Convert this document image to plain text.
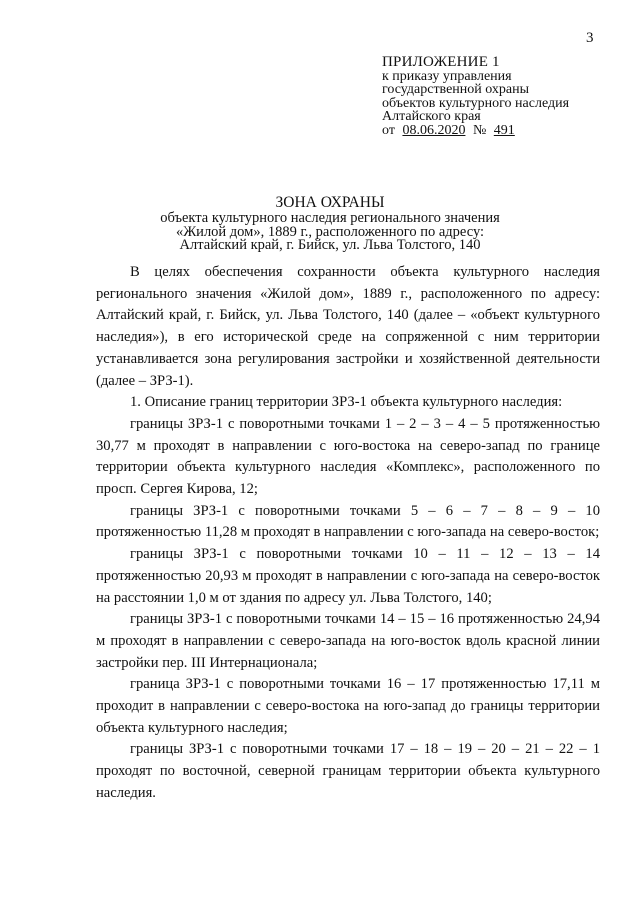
3
ПРИЛОЖЕНИЕ 1
к приказу управления
государственной охраны
объектов культурного наследия
Алтайского края
от 08.06.2020 № 491
ЗОНА ОХРАНЫ
объекта культурного наследия регионального значения
«Жилой дом», 1889 г., расположенного по адресу:
Алтайский край, г. Бийск, ул. Льва Толстого, 140

В целях обеспечения сохранности объекта культурного наследия регионального значения «Жилой дом», 1889 г., расположенного по адресу: Алтайский край, г. Бийск, ул. Льва Толстого, 140 (далее – «объект культурного наследия»), в его исторической среде на сопряженной с ним территории устанавливается зона регулирования застройки и хозяйственной деятельности (далее – ЗРЗ-1).

1. Описание границ территории ЗРЗ-1 объекта культурного наследия:

границы ЗРЗ-1 с поворотными точками 1 – 2 – 3 – 4 – 5 протяженностью 30,77 м проходят в направлении с юго-востока на северо-запад по границе территории объекта культурного наследия «Комплекс», расположенного по просп. Сергея Кирова, 12;

границы ЗРЗ-1 с поворотными точками 5 – 6 – 7 – 8 – 9 – 10 протяженностью 11,28 м проходят в направлении с юго-запада на северо-восток;

границы ЗРЗ-1 с поворотными точками 10 – 11 – 12 – 13 – 14 протяженностью 20,93 м проходят в направлении с юго-запада на северо-восток на расстоянии 1,0 м от здания по адресу ул. Льва Толстого, 140;

границы ЗРЗ-1 с поворотными точками 14 – 15 – 16 протяженностью 24,94 м проходят в направлении с северо-запада на юго-восток вдоль красной линии застройки пер. III Интернационала;

граница ЗРЗ-1 с поворотными точками 16 – 17 протяженностью 17,11 м проходит в направлении с северо-востока на юго-запад до границы территории объекта культурного наследия;

границы ЗРЗ-1 с поворотными точками 17 – 18 – 19 – 20 – 21 – 22 – 1 проходят по восточной, северной границам территории объекта культурного наследия.
